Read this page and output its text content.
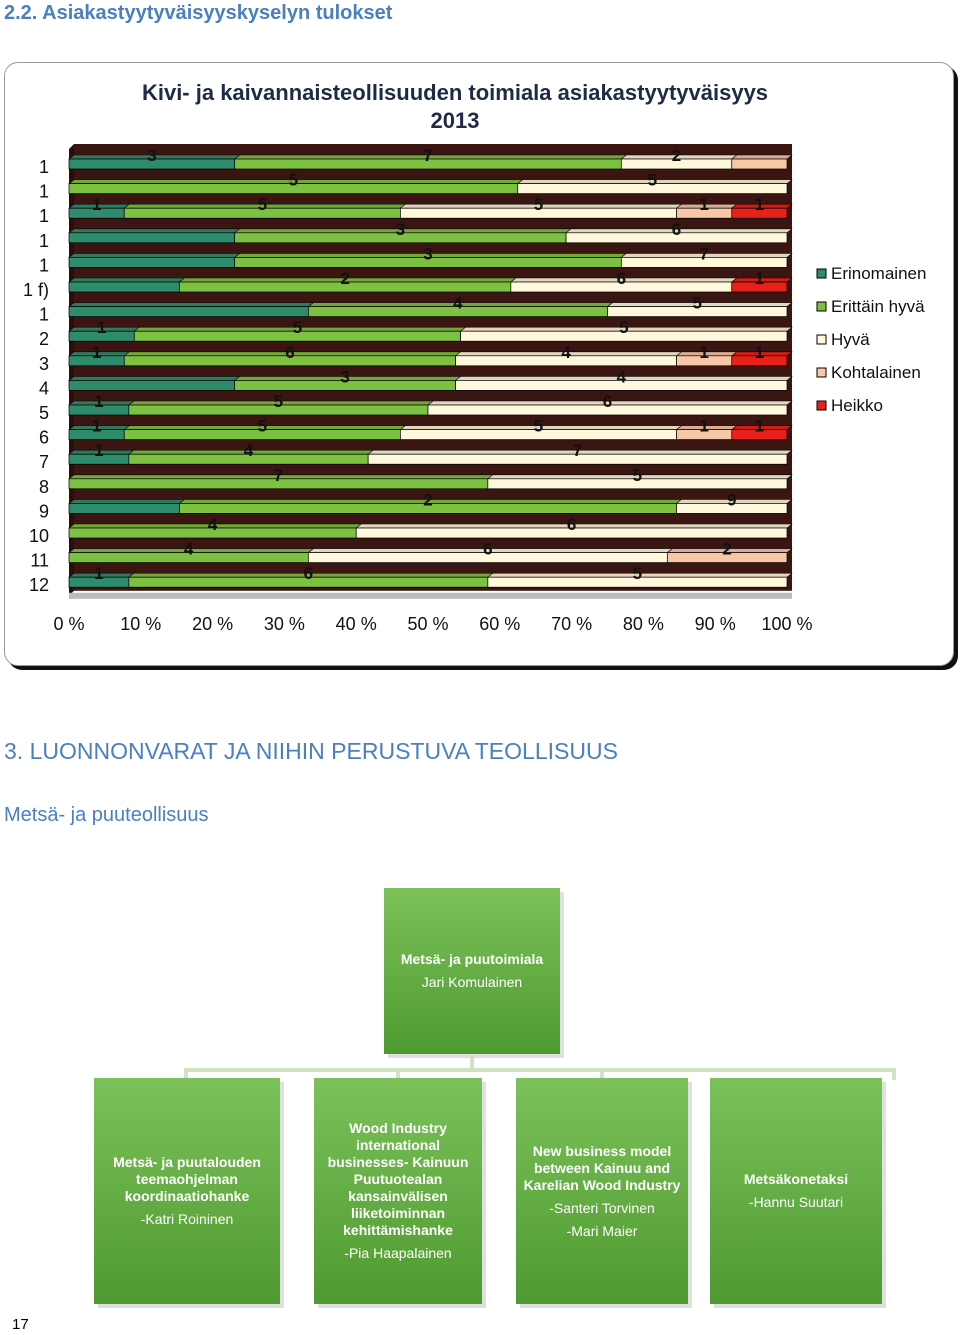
2.2. Asiakastyytyväisyyskyselyn tulokset
Kivi- ja kaivannaisteollisuuden toimiala asiakastyytyväisyys
2013
3	7	2
1
5	5
1
1	5	5	1	1
1
3	6
1
3	7
1
2	6	1
1 f)
4	5
1
1	5	5
2
1	6	4	1	1
3
3	4
4
1	5	6
5
1	5	5	1	1
6
1	4	7
7
7	5
8
2	9
9
4	6
10
4	6	2
11
1	6	5
12
0 % 10 % 20 % 30 % 40 % 50 % 60 % 70 % 80 % 90 % 100 %
Erinomainen
Erittäin hyvä
Hyvä
Kohtalainen
Heikko
3. LUONNONVARAT JA NIIHIN PERUSTUVA TEOLLISUUS
Metsä- ja puuteollisuus
Metsä- ja puutoimiala
Jari Komulainen
Metsä- ja puutalouden teemaohjelman koordinaatiohanke
-Katri Roininen
Wood Industry international businesses- Kainuun Puutuotealan kansainvälisen liiketoiminnan kehittämishanke
-Pia Haapalainen
New business model between Kainuu and Karelian Wood Industry
-Santeri Torvinen
-Mari Maier
Metsäkonetaksi
-Hannu Suutari
17
